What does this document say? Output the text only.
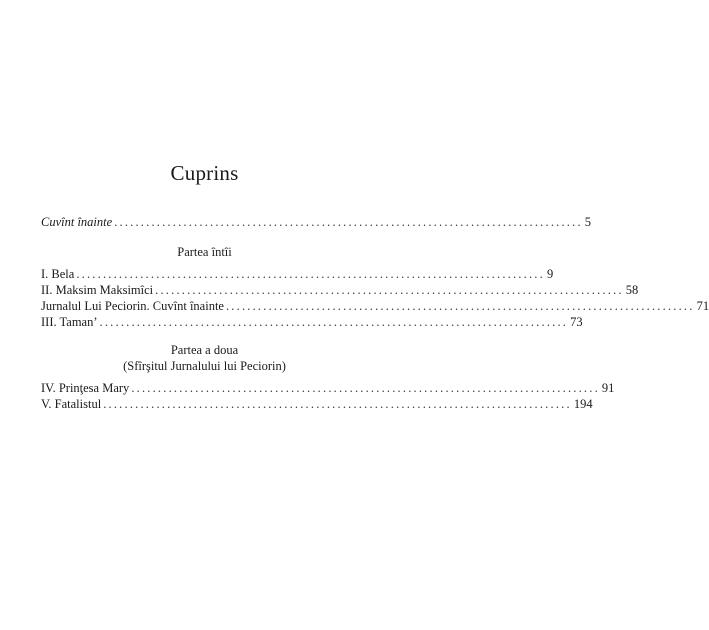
Cuprins
Cuvînt înainte ........................................................................................ 5
Partea întîi
I. Bela ........................................................................................ 9
II. Maksim Maksimîci ........................................................................................ 58
Jurnalul Lui Peciorin. Cuvînt înainte ........................................................................................ 71
III. Taman’ ........................................................................................ 73
Partea a doua
(Sfîrşitul Jurnalului lui Peciorin)
IV. Prinţesa Mary ........................................................................................ 91
V. Fatalistul ........................................................................................ 194
